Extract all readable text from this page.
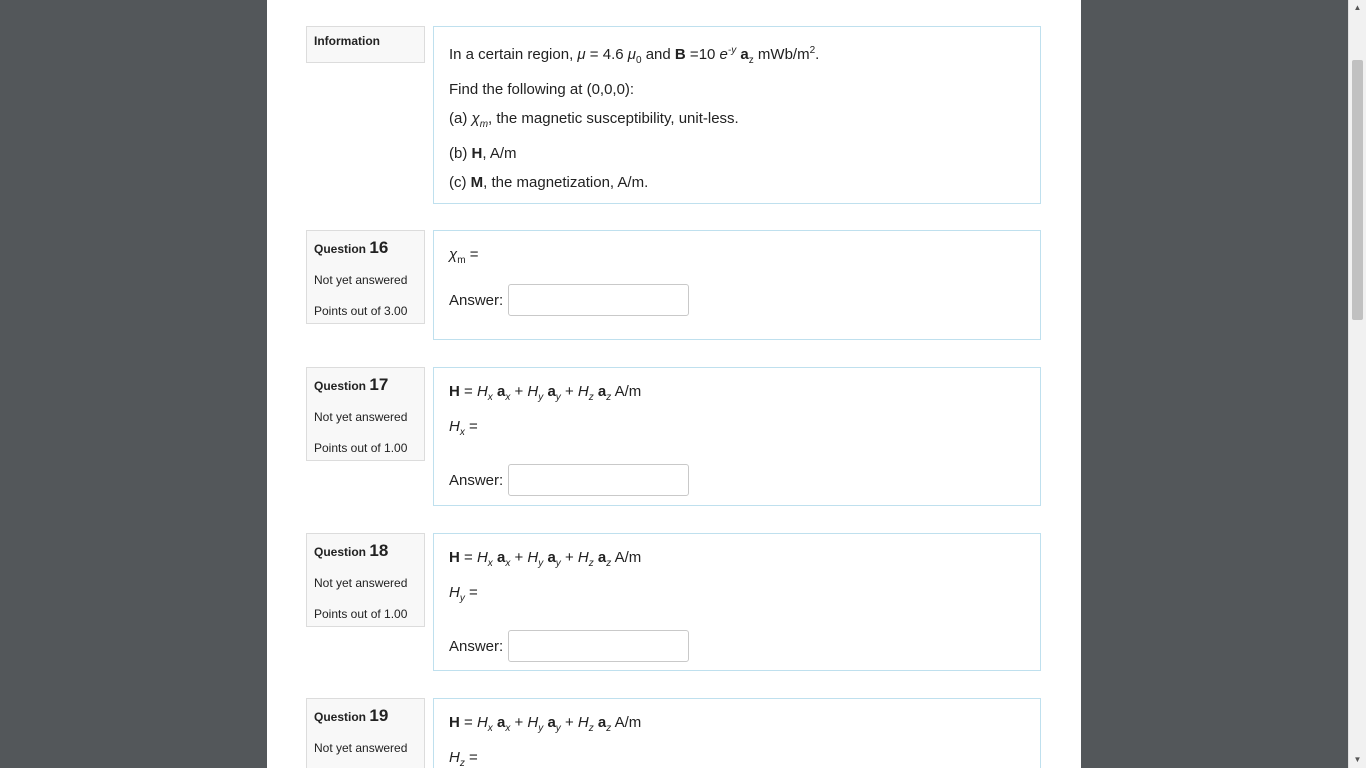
Information

In a certain region, μ = 4.6 $\mu_0$ and B =10 $e^{-y}$ $a_z$ mWb/$m^2$.

Find the following at (0,0,0):

(a) $\chi_m$, the magnetic susceptibility, unit-less.

(b) H, A/m

(c) M, the magnetization, A/m.

Question 16
Not yet answered
Points out of 3.00

$\chi_m$ =

Answer:
Question 17
Not yet answered
Points out of 1.00

$H = H_x$ $a_x + H_y$ $a_y + H_z$ $a_z$ A/m

$H_x$ =

Answer:
Question 18
Not yet answered
Points out of 1.00

$H = H_x$ $a_x + H_y$ $a_y + H_z$ $a_z$ A/m

$H_y$ =

Answer:
Question 19
Not yet answered

$H = H_x$ $a_x + H_y$ $a_y + H_z$ $a_z$ A/m

$H_z$ =

▲
▼
